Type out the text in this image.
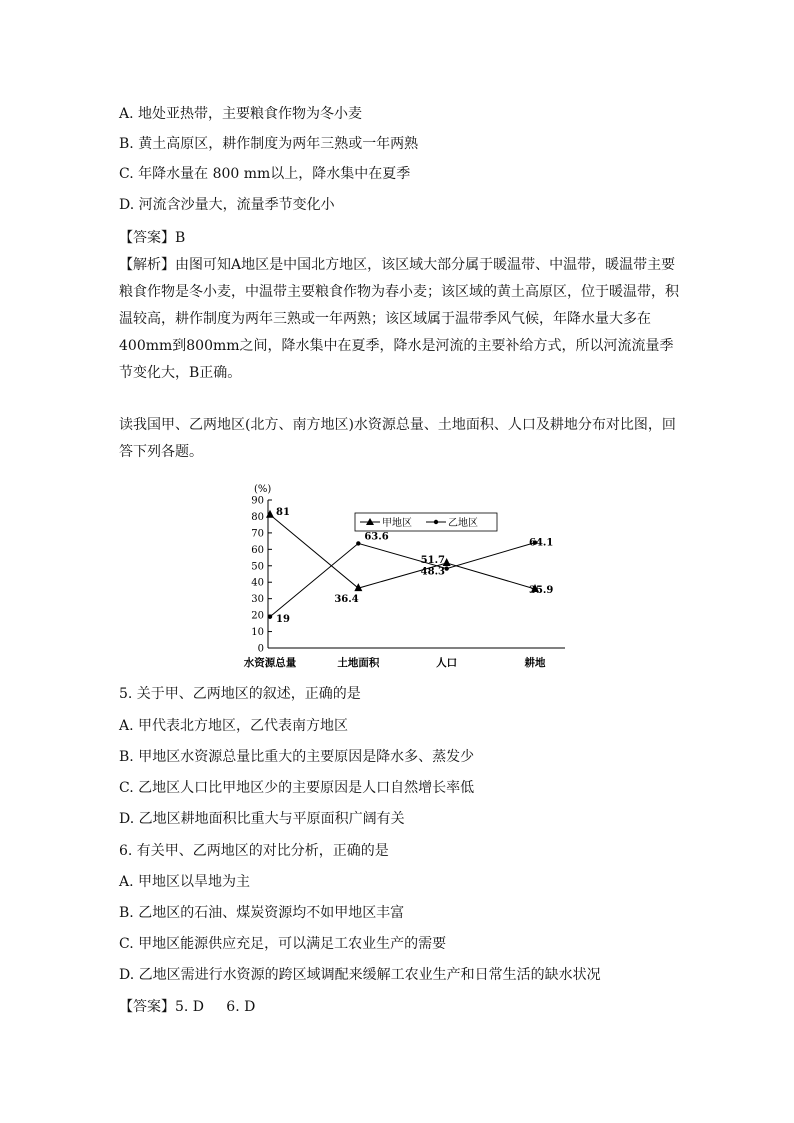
A. 地处亚热带，主要粮食作物为冬小麦
B. 黄土高原区，耕作制度为两年三熟或一年两熟
C. 年降水量在 800 mm以上，降水集中在夏季
D. 河流含沙量大，流量季节变化小
【答案】B
【解析】由图可知A地区是中国北方地区，该区域大部分属于暖温带、中温带，暖温带主要粮食作物是冬小麦，中温带主要粮食作物为春小麦；该区域的黄土高原区，位于暖温带，积温较高，耕作制度为两年三熟或一年两熟；该区域属于温带季风气候，年降水量大多在400mm到800mm之间，降水集中在夏季，降水是河流的主要补给方式，所以河流流量季节变化大，B正确。
读我国甲、乙两地区(北方、南方地区)水资源总量、土地面积、人口及耕地分布对比图，回答下列各题。
(%)
0
10
20
30
40
50
60
70
80
90
水资源总量	土地面积	人口	耕地
81
36.4
51.7
35.9
19
63.6
48.3
64.1
甲地区	乙地区
5. 关于甲、乙两地区的叙述，正确的是
A. 甲代表北方地区，乙代表南方地区
B. 甲地区水资源总量比重大的主要原因是降水多、蒸发少
C. 乙地区人口比甲地区少的主要原因是人口自然增长率低
D. 乙地区耕地面积比重大与平原面积广阔有关
6. 有关甲、乙两地区的对比分析，正确的是
A. 甲地区以旱地为主
B. 乙地区的石油、煤炭资源均不如甲地区丰富
C. 甲地区能源供应充足，可以满足工农业生产的需要
D. 乙地区需进行水资源的跨区域调配来缓解工农业生产和日常生活的缺水状况
【答案】5. D     6. D
